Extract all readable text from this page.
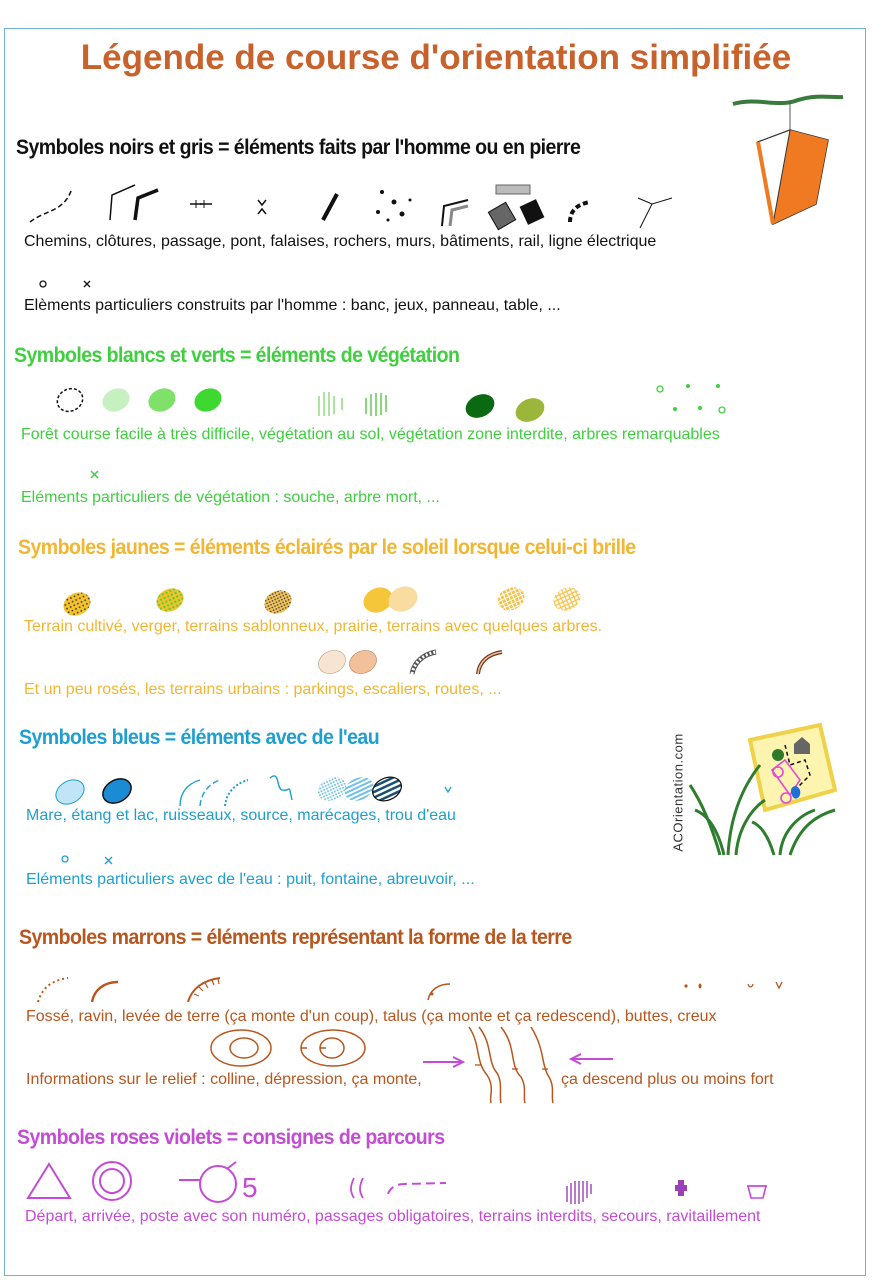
Légende de course d'orientation simplifiée
Symboles noirs et gris = éléments faits par l'homme ou en pierre
Chemins, clôtures, passage, pont, falaises, rochers, murs, bâtiments, rail, ligne électrique
Elèments particuliers construits par l'homme : banc, jeux, panneau, table, ...
Symboles blancs et verts = éléments de végétation
Forêt course facile à très difficile, végétation au sol, végétation zone interdite, arbres remarquables
Eléments particuliers de végétation : souche, arbre mort, ...
Symboles jaunes = éléments éclairés par le soleil lorsque celui-ci brille
Terrain cultivé, verger, terrains sablonneux, prairie, terrains avec quelques arbres.
Et un peu rosés, les terrains urbains : parkings, escaliers, routes, ...
Symboles bleus = éléments avec de l'eau
Mare, étang et lac, ruisseaux, source, marécages, trou d'eau
Eléments particuliers avec de l'eau : puit, fontaine, abreuvoir, ...
ACOrientation.com
Symboles marrons = éléments représentant la forme de la terre
Fossé, ravin, levée de terre (ça monte d'un coup), talus (ça monte et ça redescend), buttes, creux
Informations sur le relief : colline, dépression, ça monte,	ça descend plus ou moins fort
Symboles roses violets = consignes de parcours
5
Départ, arrivée, poste avec son numéro, passages obligatoires, terrains interdits, secours, ravitaillement
